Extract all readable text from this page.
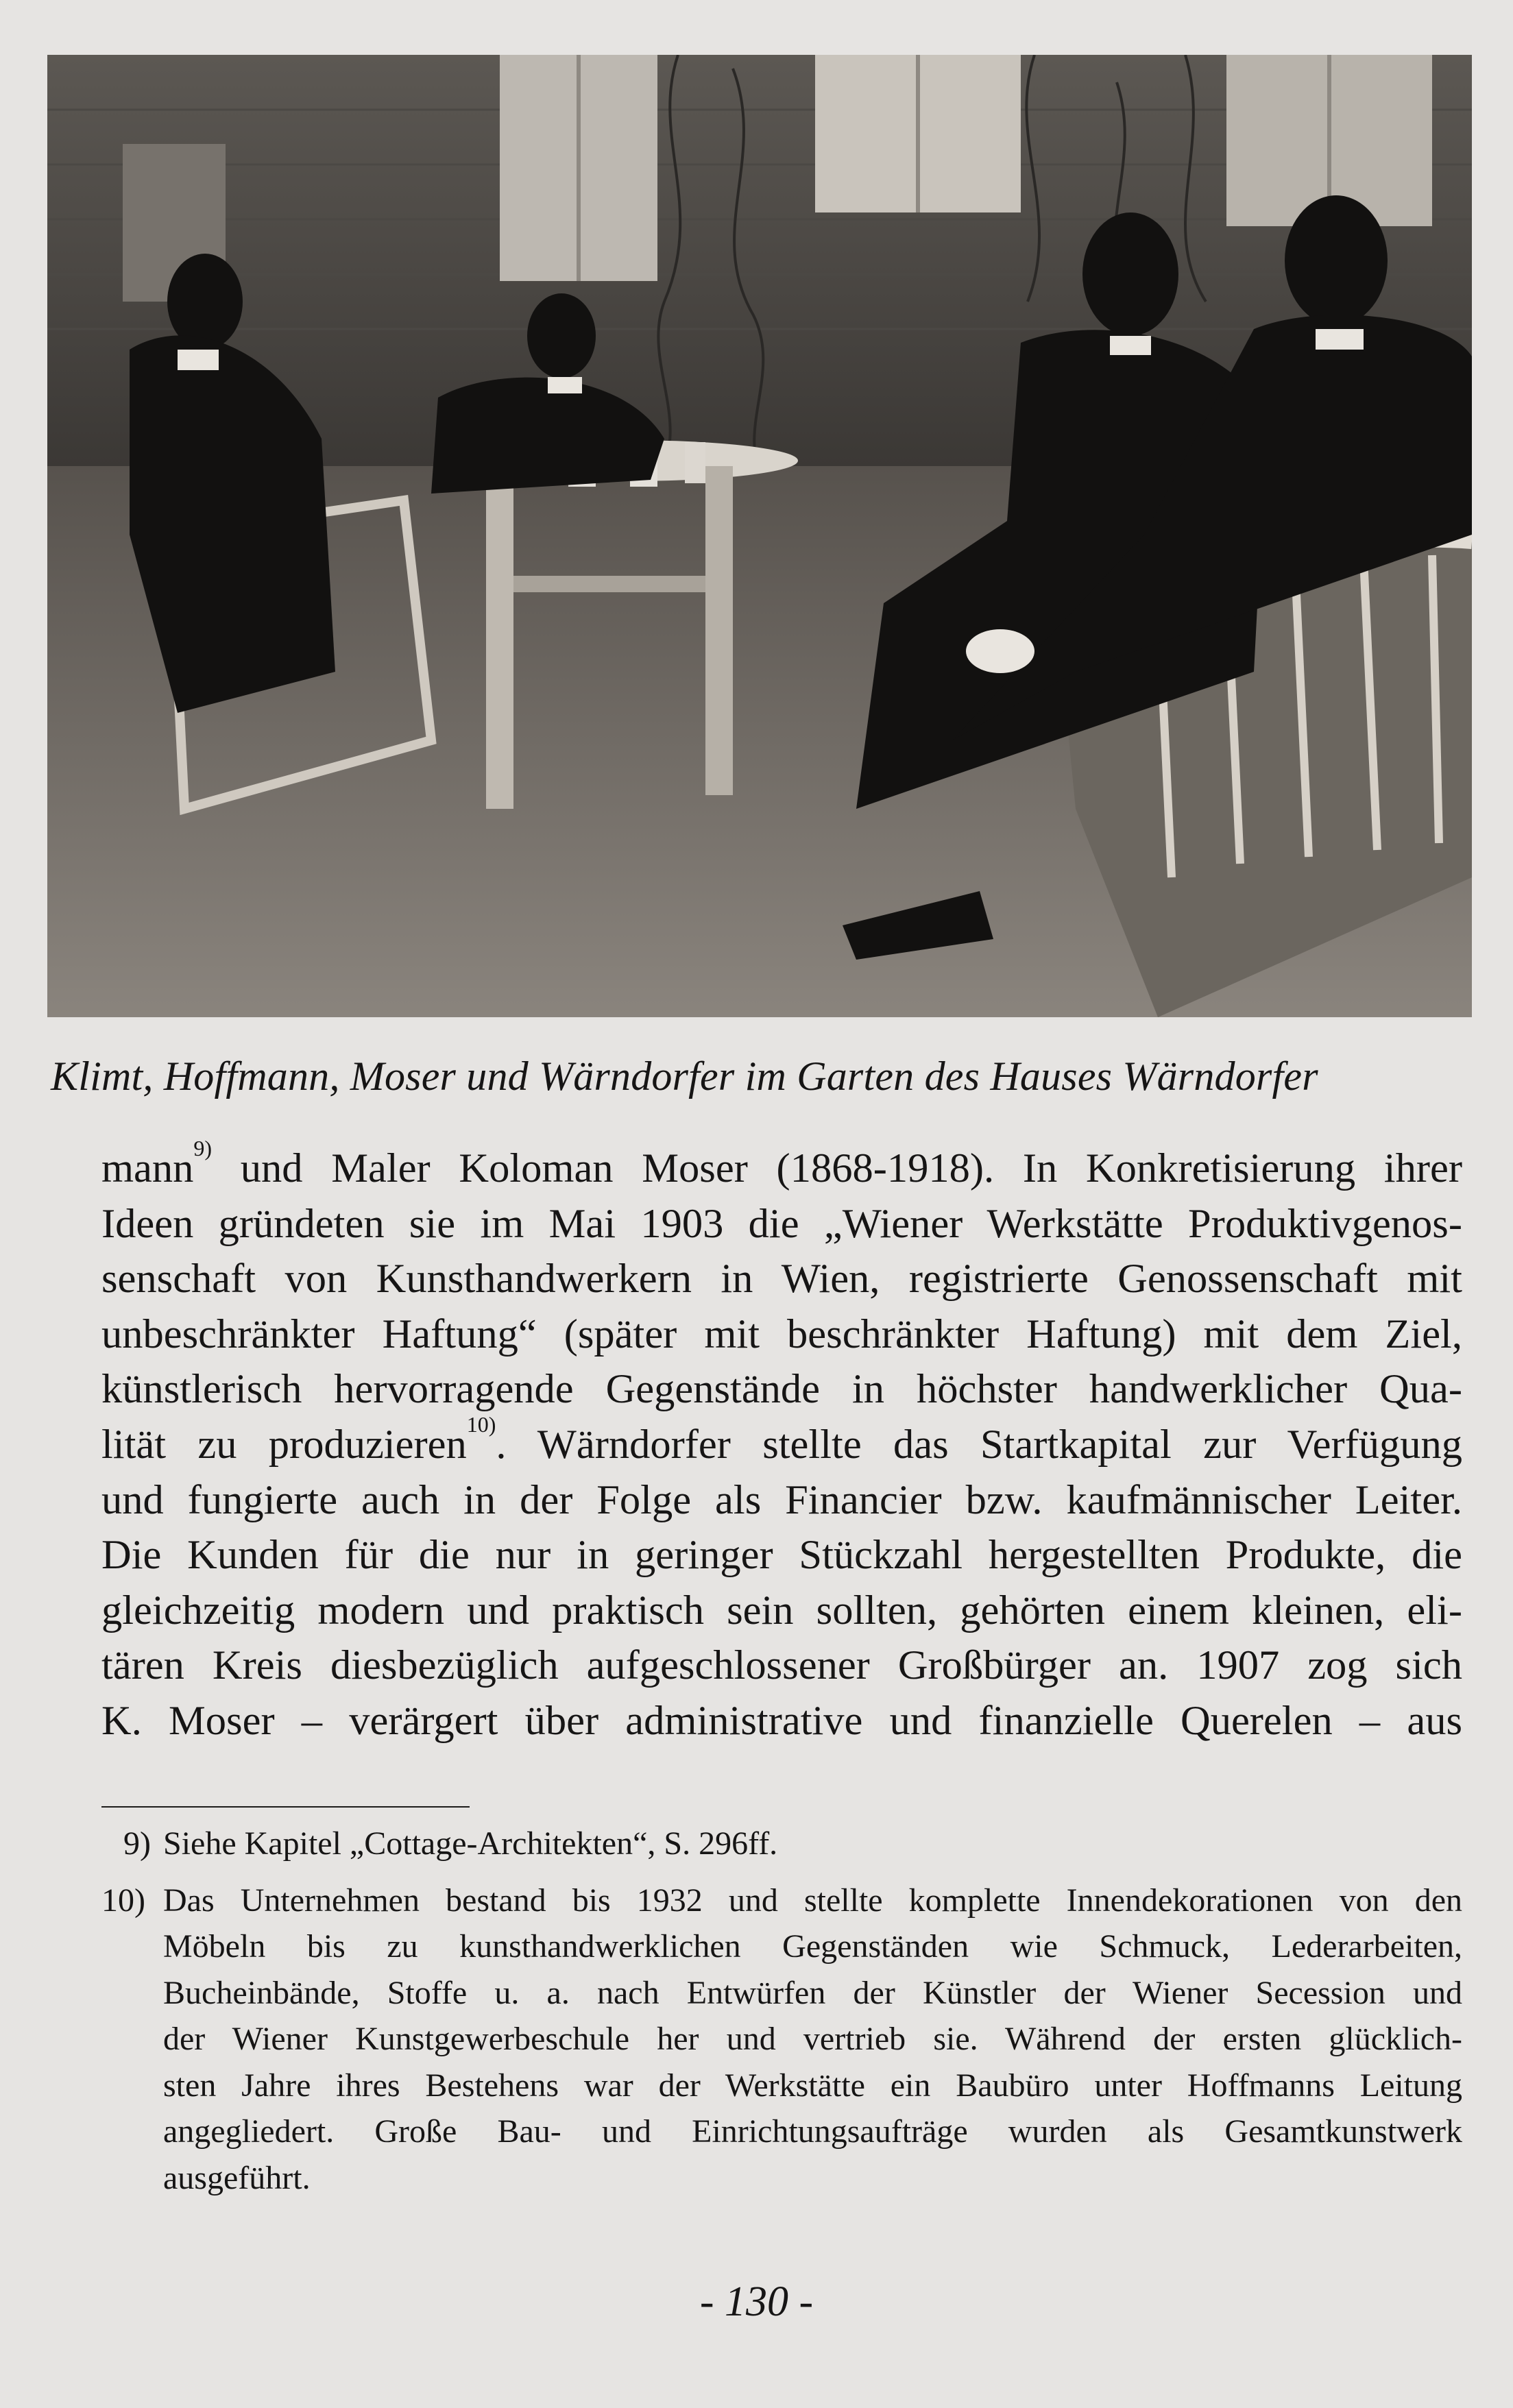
Klimt, Hoffmann, Moser und Wärndorfer im Garten des Hauses Wärndorfer
mann$^{9)}$ und Maler Koloman Moser (1868-1918). In Konkretisierung ihrer
Ideen gründeten sie im Mai 1903 die „Wiener Werkstätte Produktivgenos-
senschaft von Kunsthandwerkern in Wien, registrierte Genossenschaft mit
unbeschränkter Haftung“ (später mit beschränkter Haftung) mit dem Ziel,
künstlerisch hervorragende Gegenstände in höchster handwerklicher Qua-
lität zu produzieren$^{10)}$. Wärndorfer stellte das Startkapital zur Verfügung
und fungierte auch in der Folge als Financier bzw. kaufmännischer Leiter.
Die Kunden für die nur in geringer Stückzahl hergestellten Produkte, die
gleichzeitig modern und praktisch sein sollten, gehörten einem kleinen, eli-
tären Kreis diesbezüglich aufgeschlossener Großbürger an. 1907 zog sich
K. Moser – verärgert über administrative und finanzielle Querelen – aus
9) Siehe Kapitel „Cottage-Architekten“, S. 296ff.
10) Das Unternehmen bestand bis 1932 und stellte komplette Innendekorationen von den
Möbeln bis zu kunsthandwerklichen Gegenständen wie Schmuck, Lederarbeiten,
Bucheinbände, Stoffe u. a. nach Entwürfen der Künstler der Wiener Secession und
der Wiener Kunstgewerbeschule her und vertrieb sie. Während der ersten glücklich-
sten Jahre ihres Bestehens war der Werkstätte ein Baubüro unter Hoffmanns Leitung
angegliedert. Große Bau- und Einrichtungsaufträge wurden als Gesamtkunstwerk
ausgeführt.
- 130 -
